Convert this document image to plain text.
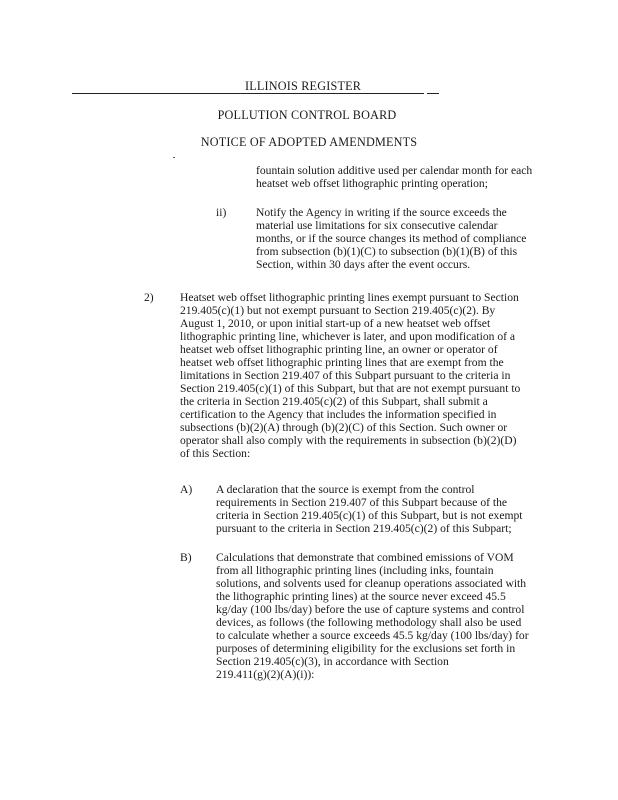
ILLINOIS REGISTER
POLLUTION CONTROL BOARD
NOTICE OF ADOPTED AMENDMENTS
fountain solution additive used per calendar month for each
heatset web offset lithographic printing operation;
ii)	Notify the Agency in writing if the source exceeds the
material use limitations for six consecutive calendar
months, or if the source changes its method of compliance
from subsection (b)(1)(C) to subsection (b)(1)(B) of this
Section, within 30 days after the event occurs.
2) Heatset web offset lithographic printing lines exempt pursuant to Section
219.405(c)(1) but not exempt pursuant to Section 219.405(c)(2). By
August 1, 2010, or upon initial start-up of a new heatset web offset
lithographic printing line, whichever is later, and upon modification of a
heatset web offset lithographic printing line, an owner or operator of
heatset web offset lithographic printing lines that are exempt from the
limitations in Section 219.407 of this Subpart pursuant to the criteria in
Section 219.405(c)(1) of this Subpart, but that are not exempt pursuant to
the criteria in Section 219.405(c)(2) of this Subpart, shall submit a
certification to the Agency that includes the information specified in
subsections (b)(2)(A) through (b)(2)(C) of this Section. Such owner or
operator shall also comply with the requirements in subsection (b)(2)(D)
of this Section:
A) A declaration that the source is exempt from the control
requirements in Section 219.407 of this Subpart because of the
criteria in Section 219.405(c)(1) of this Subpart, but is not exempt
pursuant to the criteria in Section 219.405(c)(2) of this Subpart;
B) Calculations that demonstrate that combined emissions of VOM
from all lithographic printing lines (including inks, fountain
solutions, and solvents used for cleanup operations associated with
the lithographic printing lines) at the source never exceed 45.5
kg/day (100 lbs/day) before the use of capture systems and control
devices, as follows (the following methodology shall also be used
to calculate whether a source exceeds 45.5 kg/day (100 lbs/day) for
purposes of determining eligibility for the exclusions set forth in
Section 219.405(c)(3), in accordance with Section
219.411(g)(2)(A)(i)):
